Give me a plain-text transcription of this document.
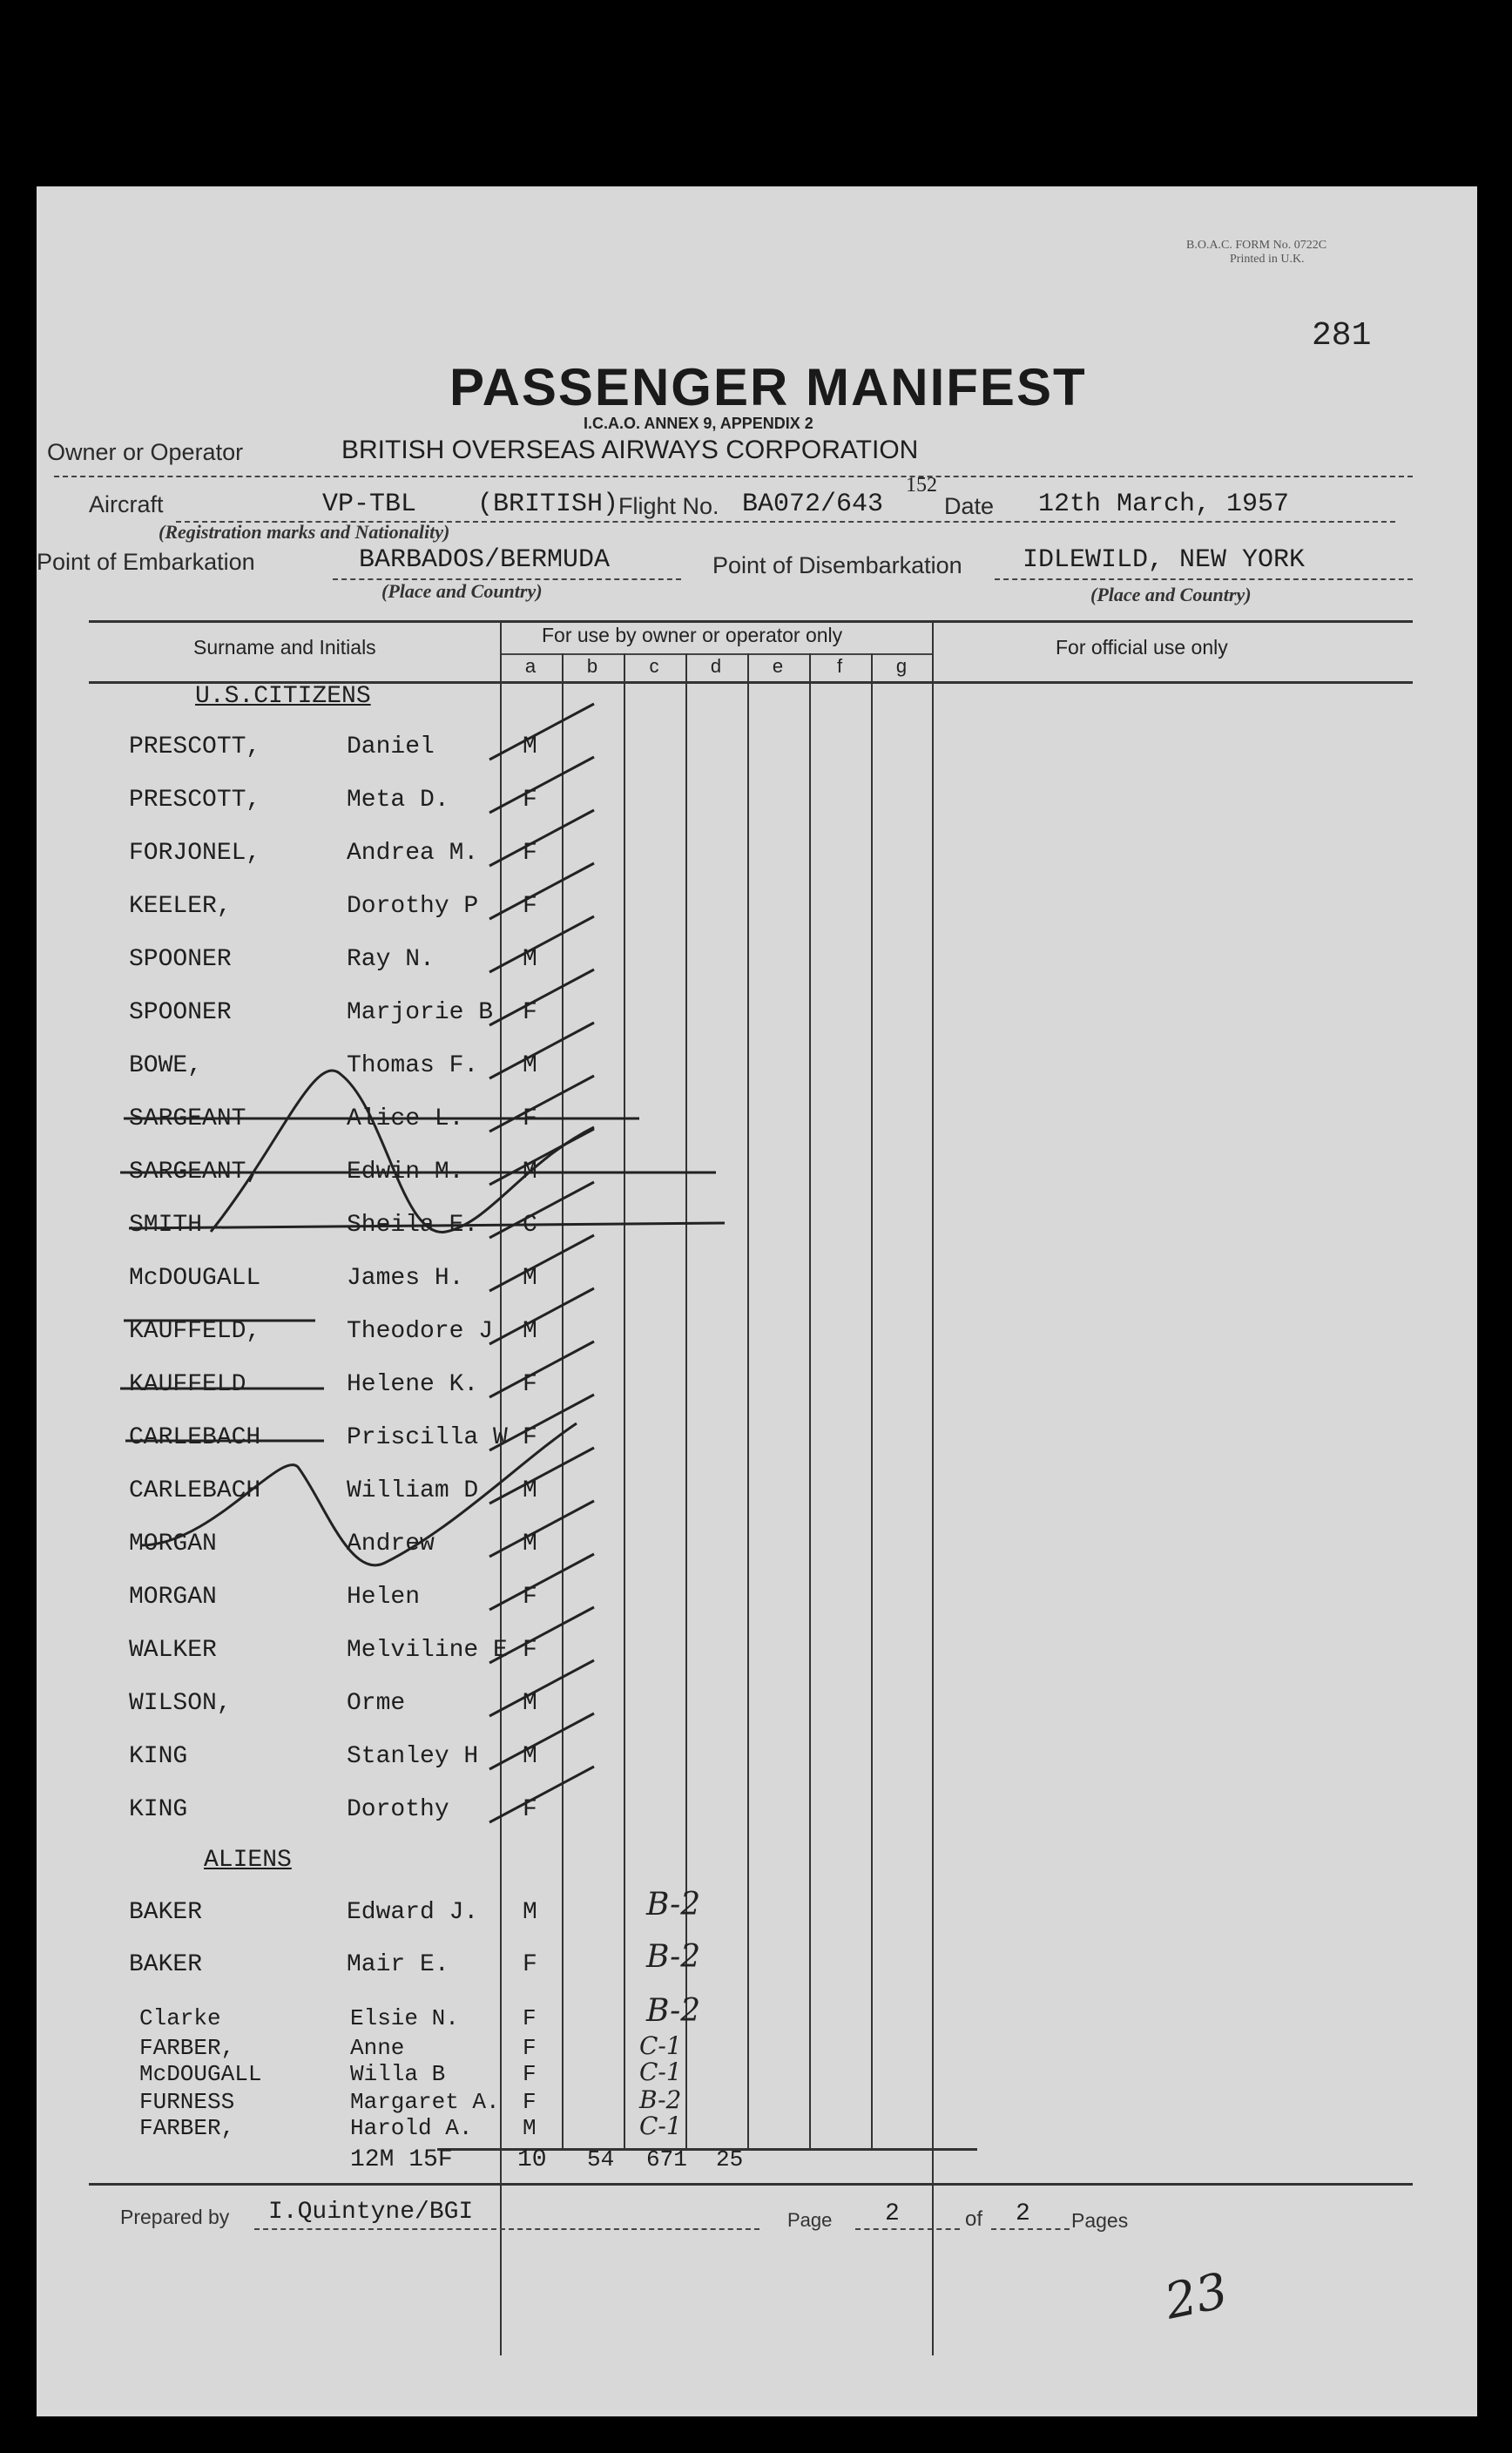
B.O.A.C. FORM No. 0722C
Printed in U.K.
281
PASSENGER MANIFEST
I.C.A.O. ANNEX 9, APPENDIX 2
Owner or Operator	BRITISH OVERSEAS AIRWAYS CORPORATION
Aircraft	VP-TBL (BRITISH) Flight No. BA072/643
152
Date 12th March, 1957
(Registration marks and Nationality)
Point of Embarkation	BARBADOS/BERMUDA	Point of Disembarkation IDLEWILD, NEW YORK
(Place and Country)	(Place and Country)
Surname and Initials
For use by owner or operator only
For official use only
a	b	c	d	e	f	g
U.S.CITIZENS
ALIENS
PRESCOTT,	Daniel	M
PRESCOTT,	Meta D.	F
FORJONEL,	Andrea M. F
KEELER,	Dorothy P F
SPOONER	Ray N.	M
SPOONER	Marjorie B F
BOWE,	Thomas F. M
SARGEANT	Alice L. F
SARGEANT,	Edwin M. M
SMITH	Sheila E. C
McDOUGALL	James H. M
KAUFFELD,	Theodore J M
KAUFFELD	Helene K. F
CARLEBACH	Priscilla W F
CARLEBACH	William D M
MORGAN	Andrew	M
MORGAN	Helen	F
WALKER	Melviline E F
WILSON,	Orme	M
KING	Stanley H M
KING	Dorothy	F
BAKER	Edward J. M	B-2
BAKER	Mair E.	F	B-2
Clarke	Elsie N.	F	B-2
FARBER,	Anne	F	C-1
McDOUGALL	Willa B	F	C-1
FURNESS	Margaret A. F	B-2
FARBER,	Harold A. M	C-1
12M 15F	10 54 671 25
Prepared by I.Quintyne/BGI	Page 2	of 2 Pages
23
